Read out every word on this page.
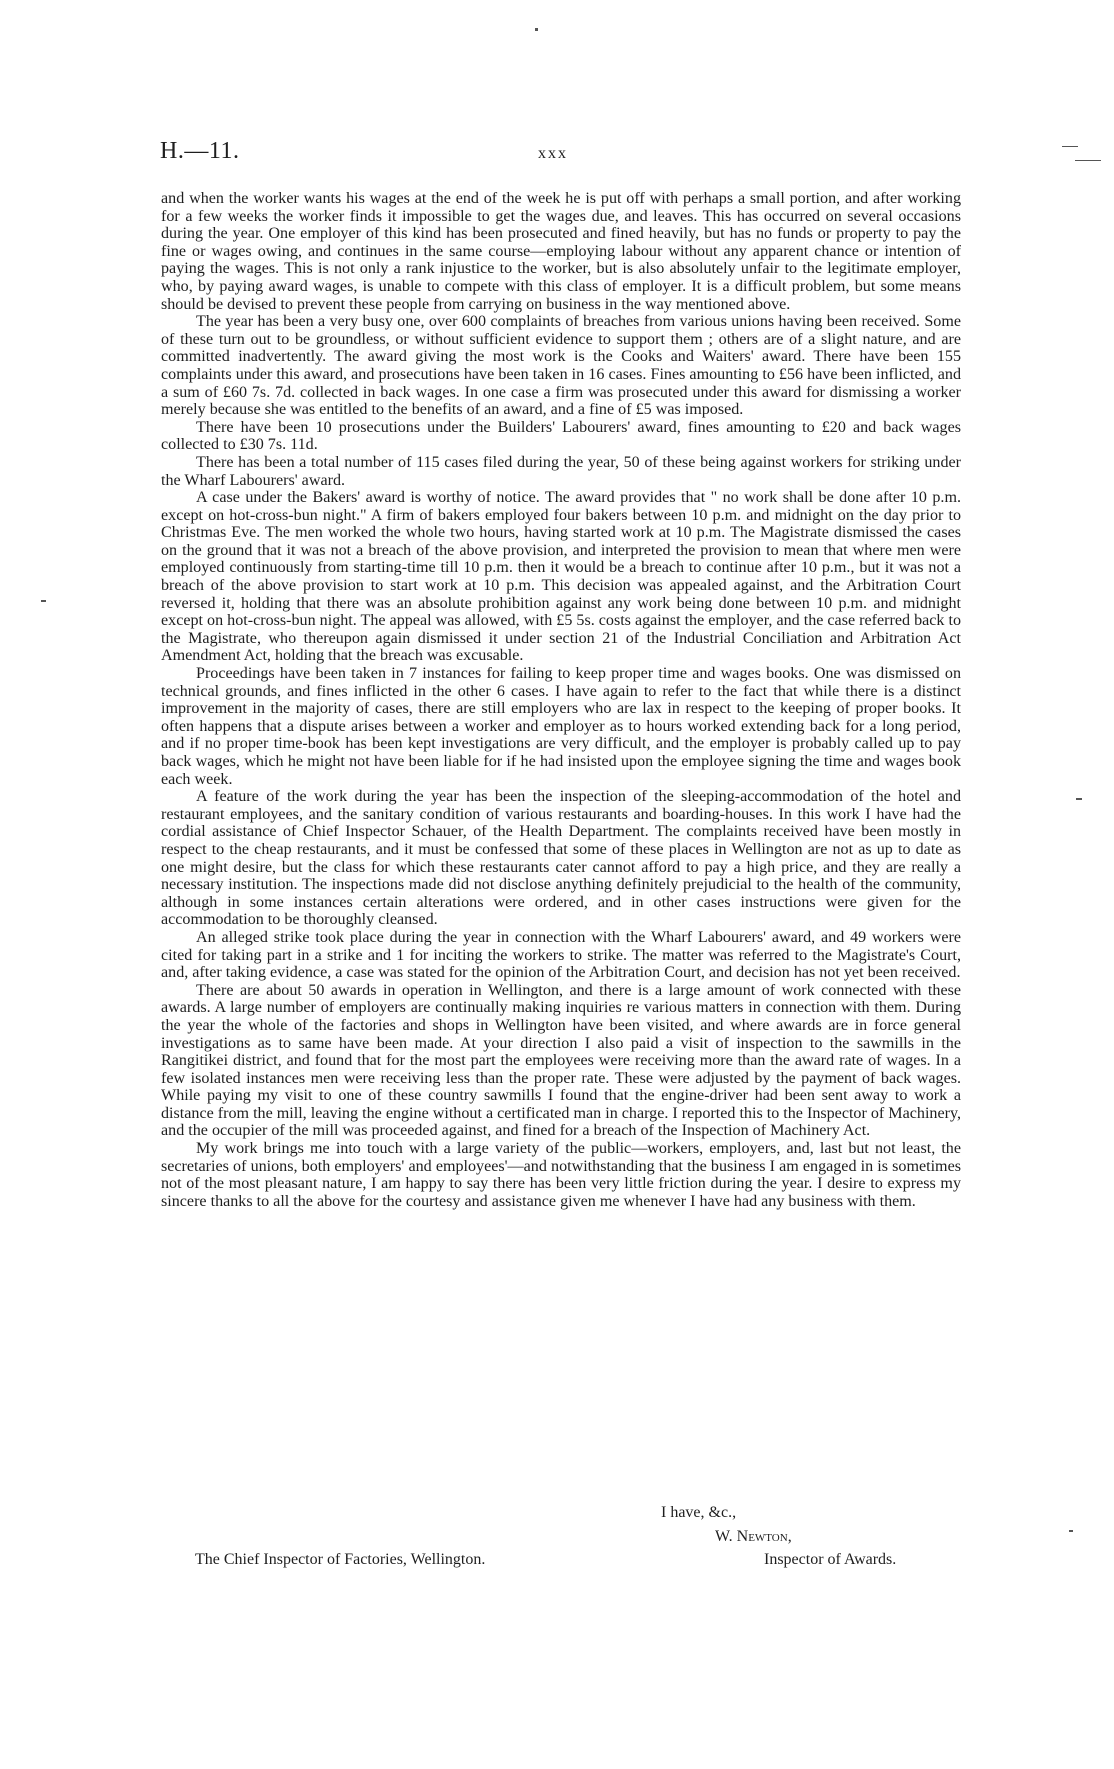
H.—11.	xxx

and when the worker wants his wages at the end of the week he is put off with perhaps a small portion, and after working for a few weeks the worker finds it impossible to get the wages due, and leaves. This has occurred on several occasions during the year. One employer of this kind has been prosecuted and fined heavily, but has no funds or property to pay the fine or wages owing, and continues in the same course—employing labour without any apparent chance or intention of paying the wages. This is not only a rank injustice to the worker, but is also absolutely unfair to the legitimate employer, who, by paying award wages, is unable to compete with this class of employer. It is a difficult problem, but some means should be devised to prevent these people from carrying on business in the way mentioned above.

The year has been a very busy one, over 600 complaints of breaches from various unions having been received. Some of these turn out to be groundless, or without sufficient evidence to support them ; others are of a slight nature, and are committed inadvertently. The award giving the most work is the Cooks and Waiters' award. There have been 155 complaints under this award, and prosecutions have been taken in 16 cases. Fines amounting to £56 have been inflicted, and a sum of £60 7s. 7d. collected in back wages. In one case a firm was prosecuted under this award for dismissing a worker merely because she was entitled to the benefits of an award, and a fine of £5 was imposed.

There have been 10 prosecutions under the Builders' Labourers' award, fines amounting to £20 and back wages collected to £30 7s. 11d.

There has been a total number of 115 cases filed during the year, 50 of these being against workers for striking under the Wharf Labourers' award.

A case under the Bakers' award is worthy of notice. The award provides that " no work shall be done after 10 p.m. except on hot-cross-bun night." A firm of bakers employed four bakers between 10 p.m. and midnight on the day prior to Christmas Eve. The men worked the whole two hours, having started work at 10 p.m. The Magistrate dismissed the cases on the ground that it was not a breach of the above provision, and interpreted the provision to mean that where men were employed continuously from starting-time till 10 p.m. then it would be a breach to continue after 10 p.m., but it was not a breach of the above provision to start work at 10 p.m. This decision was appealed against, and the Arbitration Court reversed it, holding that there was an absolute prohibition against any work being done between 10 p.m. and midnight except on hot-cross-bun night. The appeal was allowed, with £5 5s. costs against the employer, and the case referred back to the Magistrate, who thereupon again dismissed it under section 21 of the Industrial Conciliation and Arbitration Act Amendment Act, holding that the breach was excusable.

Proceedings have been taken in 7 instances for failing to keep proper time and wages books. One was dismissed on technical grounds, and fines inflicted in the other 6 cases. I have again to refer to the fact that while there is a distinct improvement in the majority of cases, there are still employers who are lax in respect to the keeping of proper books. It often happens that a dispute arises between a worker and employer as to hours worked extending back for a long period, and if no proper time-book has been kept investigations are very difficult, and the employer is probably called up to pay back wages, which he might not have been liable for if he had insisted upon the employee signing the time and wages book each week.

A feature of the work during the year has been the inspection of the sleeping-accommodation of the hotel and restaurant employees, and the sanitary condition of various restaurants and boarding-houses. In this work I have had the cordial assistance of Chief Inspector Schauer, of the Health Department. The complaints received have been mostly in respect to the cheap restaurants, and it must be confessed that some of these places in Wellington are not as up to date as one might desire, but the class for which these restaurants cater cannot afford to pay a high price, and they are really a necessary institution. The inspections made did not disclose anything definitely prejudicial to the health of the community, although in some instances certain alterations were ordered, and in other cases instructions were given for the accommodation to be thoroughly cleansed.

An alleged strike took place during the year in connection with the Wharf Labourers' award, and 49 workers were cited for taking part in a strike and 1 for inciting the workers to strike. The matter was referred to the Magistrate's Court, and, after taking evidence, a case was stated for the opinion of the Arbitration Court, and decision has not yet been received.

There are about 50 awards in operation in Wellington, and there is a large amount of work connected with these awards. A large number of employers are continually making inquiries re various matters in connection with them. During the year the whole of the factories and shops in Wellington have been visited, and where awards are in force general investigations as to same have been made. At your direction I also paid a visit of inspection to the sawmills in the Rangitikei district, and found that for the most part the employees were receiving more than the award rate of wages. In a few isolated instances men were receiving less than the proper rate. These were adjusted by the payment of back wages. While paying my visit to one of these country sawmills I found that the engine-driver had been sent away to work a distance from the mill, leaving the engine without a certificated man in charge. I reported this to the Inspector of Machinery, and the occupier of the mill was proceeded against, and fined for a breach of the Inspection of Machinery Act.

My work brings me into touch with a large variety of the public—workers, employers, and, last but not least, the secretaries of unions, both employers' and employees'—and notwithstanding that the business I am engaged in is sometimes not of the most pleasant nature, I am happy to say there has been very little friction during the year. I desire to express my sincere thanks to all the above for the courtesy and assistance given me whenever I have had any business with them.

I have, &c.,
W. Newton,
The Chief Inspector of Factories, Wellington.	Inspector of Awards.
